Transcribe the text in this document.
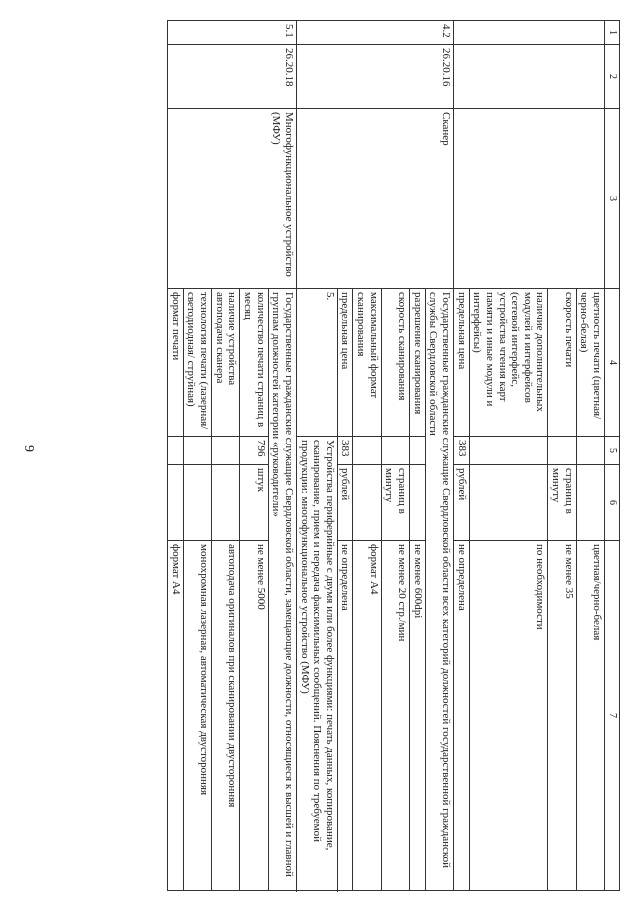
9
1	2	3	4	5	6	7
			цветность печати (цветная/черно-белая)			цветная/черно-белая
			скорость печати		страниц в минуту	не менее 35
			наличие дополнительных модулей и интерфейсов (сетевой интерфейс, устройства чтения карт памяти и иные модули и интерфейсы)			по необходимости
			предельная цена	383	рублей	не определена
4.2	26.20.16	Сканер	Государственные гражданские служащие Свердловской области всех категорий должностей государственной гражданской службы Свердловской области			
			разрешение сканирования			не менее 600dpi
			скорость сканирования		страниц в минуту	не менее 20 стр./мин
			максимальный формат сканирования			формат А4
			предельная цена	383	рублей	не определена
			5.	Устройства периферийные с двумя или более функциями: печать данных, копирование, сканирование, прием и передача факсимильных сообщений. Пояснения по требуемой продукции: многофункциональное устройство (МФУ)		
5.1	26.20.18	Многофункциональное устройство (МФУ)	Государственные гражданские служащие Свердловской области, замещающие должности, относящиеся к высшей и главной группам должностей категории «руководители»			
			количество печати страниц в месяц	796	штук	не менее 5000
			наличие устройства автоподачи сканера			автоподача оригиналов при сканировании двусторонняя
			технология печати (лазерная/ светодиодная/ струйная)			монохромная лазерная, автоматическая двусторонняя
			формат печати			формат А4
